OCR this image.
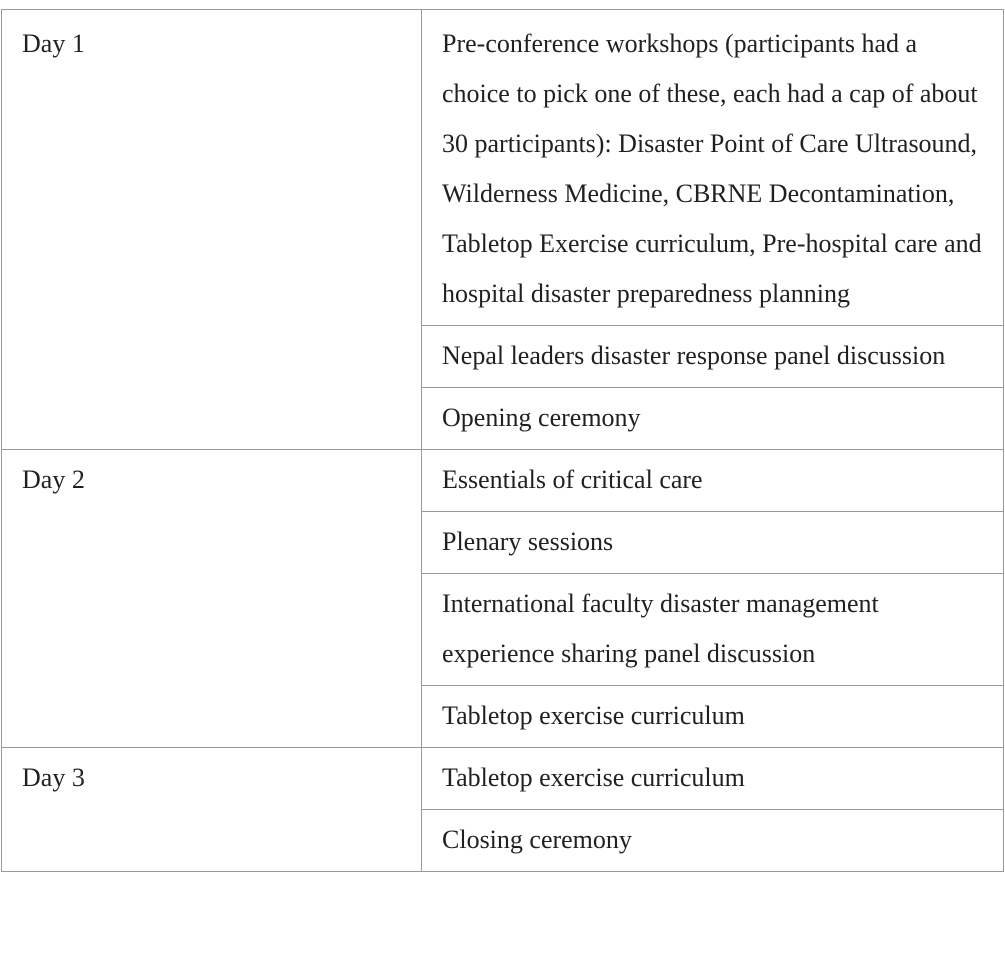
Day 1	Pre-conference workshops (participants had a choice to pick one of these, each had a cap of about 30 participants): Disaster Point of Care Ultrasound, Wilderness Medicine, CBRNE Decontamination, Tabletop Exercise curriculum, Pre-hospital care and hospital disaster preparedness planning
	Nepal leaders disaster response panel discussion
	Opening ceremony
Day 2	Essentials of critical care
	Plenary sessions
	International faculty disaster management experience sharing panel discussion
	Tabletop exercise curriculum
Day 3	Tabletop exercise curriculum
	Closing ceremony
